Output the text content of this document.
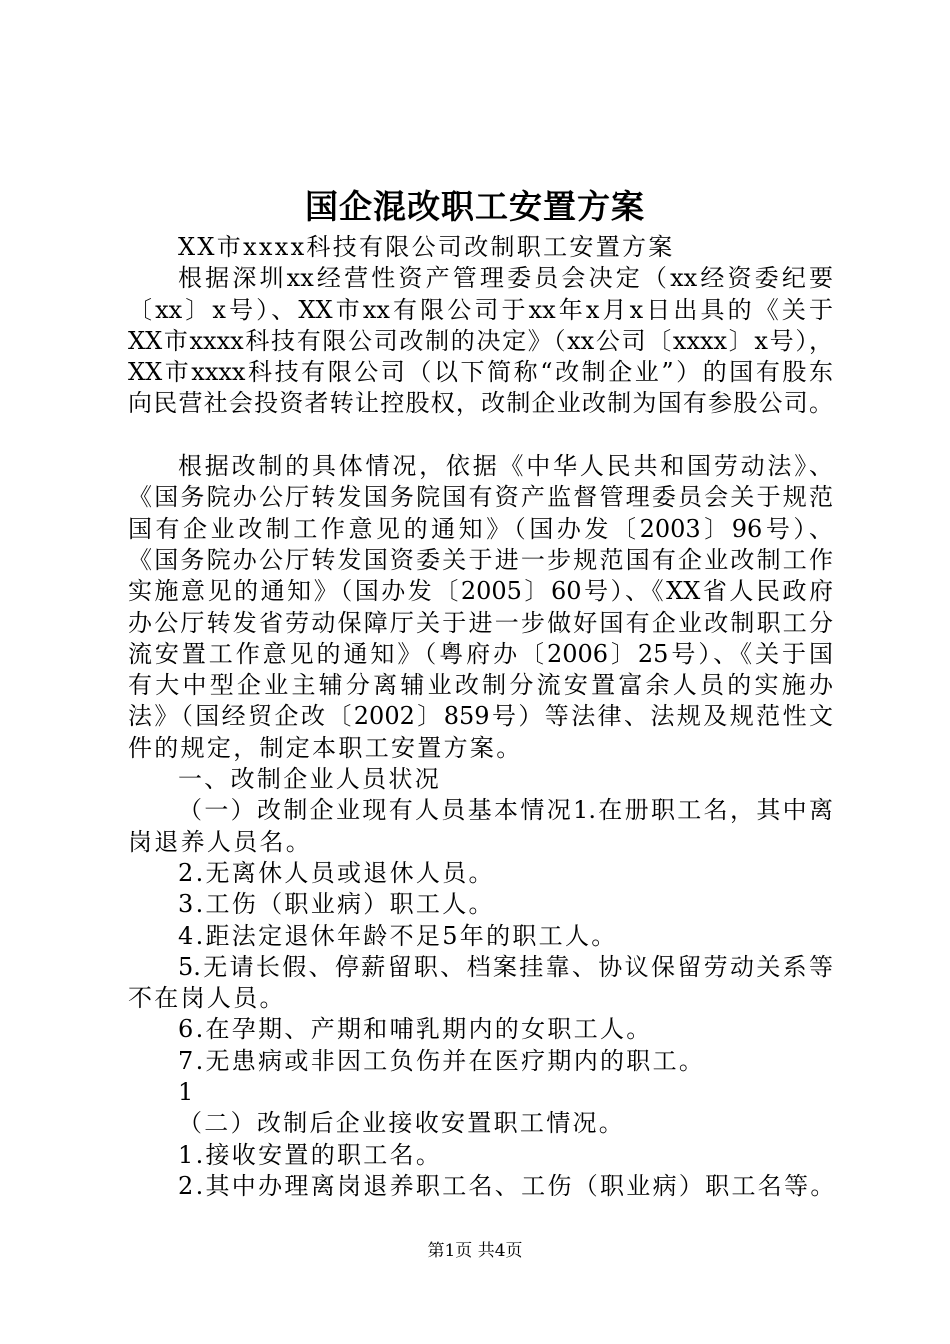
国企混改职工安置方案
XX市xxxx科技有限公司改制职工安置方案
根据深圳xx经营性资产管理委员会决定（xx经资委纪要
〔xx〕x号）、XX市xx有限公司于xx年x月x日出具的《关于
XX市xxxx科技有限公司改制的决定》（xx公司〔xxxx〕x号），
XX市xxxx科技有限公司（以下简称“改制企业”）的国有股东
向民营社会投资者转让控股权，改制企业改制为国有参股公司。
根据改制的具体情况，依据《中华人民共和国劳动法》、
《国务院办公厅转发国务院国有资产监督管理委员会关于规范
国有企业改制工作意见的通知》（国办发〔2003〕96号）、
《国务院办公厅转发国资委关于进一步规范国有企业改制工作
实施意见的通知》（国办发〔2005〕60号）、《XX省人民政府
办公厅转发省劳动保障厅关于进一步做好国有企业改制职工分
流安置工作意见的通知》（粤府办〔2006〕25号）、《关于国
有大中型企业主辅分离辅业改制分流安置富余人员的实施办
法》（国经贸企改〔2002〕859号）等法律、法规及规范性文
件的规定，制定本职工安置方案。
一、改制企业人员状况
（一）改制企业现有人员基本情况1.在册职工名，其中离
岗退养人员名。
2.无离休人员或退休人员。
3.工伤（职业病）职工人。
4.距法定退休年龄不足5年的职工人。
5.无请长假、停薪留职、档案挂靠、协议保留劳动关系等
不在岗人员。
6.在孕期、产期和哺乳期内的女职工人。
7.无患病或非因工负伤并在医疗期内的职工。
1
（二）改制后企业接收安置职工情况。
1.接收安置的职工名。
2.其中办理离岗退养职工名、工伤（职业病）职工名等。
第1页 共4页
